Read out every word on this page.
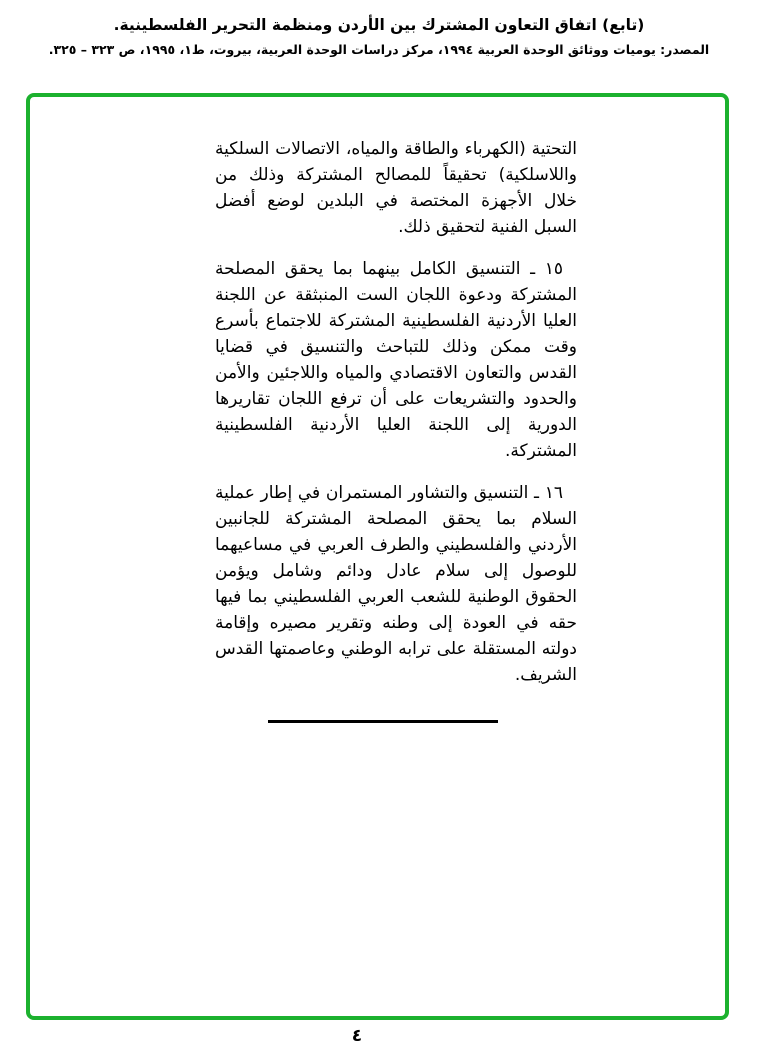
(تابع) اتفاق التعاون المشترك بين الأردن ومنظمة التحرير الفلسطينية.
المصدر: يوميات ووثائق الوحدة العربية ١٩٩٤، مركز دراسات الوحدة العربية، بيروت، ط١، ١٩٩٥، ص ٣٢٣ – ٣٢٥.

التحتية (الكهرباء والطاقة والمياه، الاتصالات السلكية واللاسلكية) تحقيقاً للمصالح المشتركة وذلك من خلال الأجهزة المختصة في البلدين لوضع أفضل السبل الفنية لتحقيق ذلك.

١٥ ـ التنسيق الكامل بينهما بما يحقق المصلحة المشتركة ودعوة اللجان الست المنبثقة عن اللجنة العليا الأردنية الفلسطينية المشتركة للاجتماع بأسرع وقت ممكن وذلك للتباحث والتنسيق في قضايا القدس والتعاون الاقتصادي والمياه واللاجئين والأمن والحدود والتشريعات على أن ترفع اللجان تقاريرها الدورية إلى اللجنة العليا الأردنية الفلسطينية المشتركة.

١٦ ـ التنسيق والتشاور المستمران في إطار عملية السلام بما يحقق المصلحة المشتركة للجانبين الأردني والفلسطيني والطرف العربي في مساعيهما للوصول إلى سلام عادل ودائم وشامل ويؤمن الحقوق الوطنية للشعب العربي الفلسطيني بما فيها حقه في العودة إلى وطنه وتقرير مصيره وإقامة دولته المستقلة على ترابه الوطني وعاصمتها القدس الشريف.

٤
